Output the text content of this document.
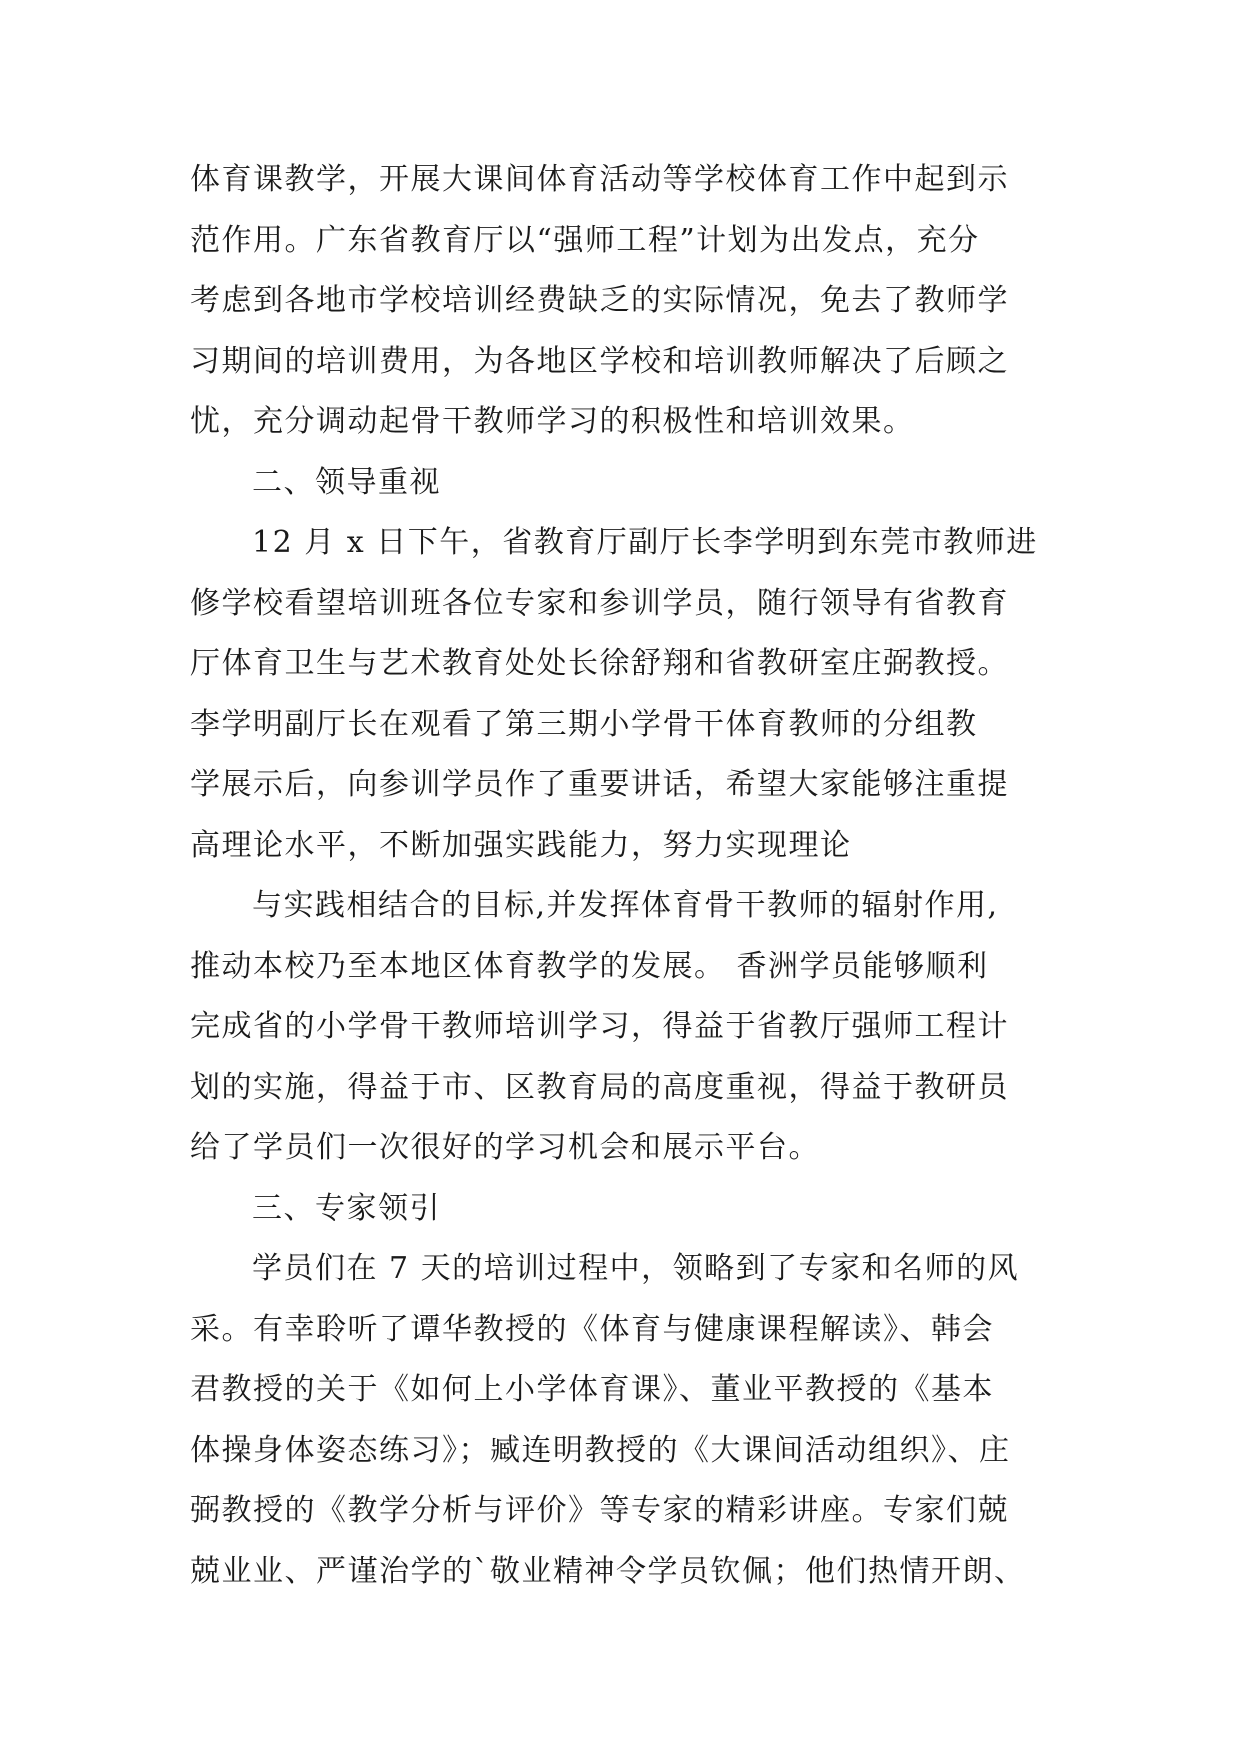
体育课教学，开展大课间体育活动等学校体育工作中起到示
范作用。广东省教育厅以“强师工程”计划为出发点，充分
考虑到各地市学校培训经费缺乏的实际情况，免去了教师学
习期间的培训费用，为各地区学校和培训教师解决了后顾之
忧，充分调动起骨干教师学习的积极性和培训效果。
二、领导重视
12 月 x 日下午，省教育厅副厅长李学明到东莞市教师进
修学校看望培训班各位专家和参训学员，随行领导有省教育
厅体育卫生与艺术教育处处长徐舒翔和省教研室庄弼教授。
李学明副厅长在观看了第三期小学骨干体育教师的分组教
学展示后，向参训学员作了重要讲话，希望大家能够注重提
高理论水平，不断加强实践能力，努力实现理论
与实践相结合的目标,并发挥体育骨干教师的辐射作用,
推动本校乃至本地区体育教学的发展。 香洲学员能够顺利
完成省的小学骨干教师培训学习，得益于省教厅强师工程计
划的实施，得益于市、区教育局的高度重视，得益于教研员
给了学员们一次很好的学习机会和展示平台。
三、专家领引
学员们在 7 天的培训过程中，领略到了专家和名师的风
采。有幸聆听了谭华教授的《体育与健康课程解读》、韩会
君教授的关于《如何上小学体育课》、董业平教授的《基本
体操身体姿态练习》；臧连明教授的《大课间活动组织》、庄
弼教授的《教学分析与评价》等专家的精彩讲座。专家们兢
兢业业、严谨治学的`敬业精神令学员钦佩；他们热情开朗、
